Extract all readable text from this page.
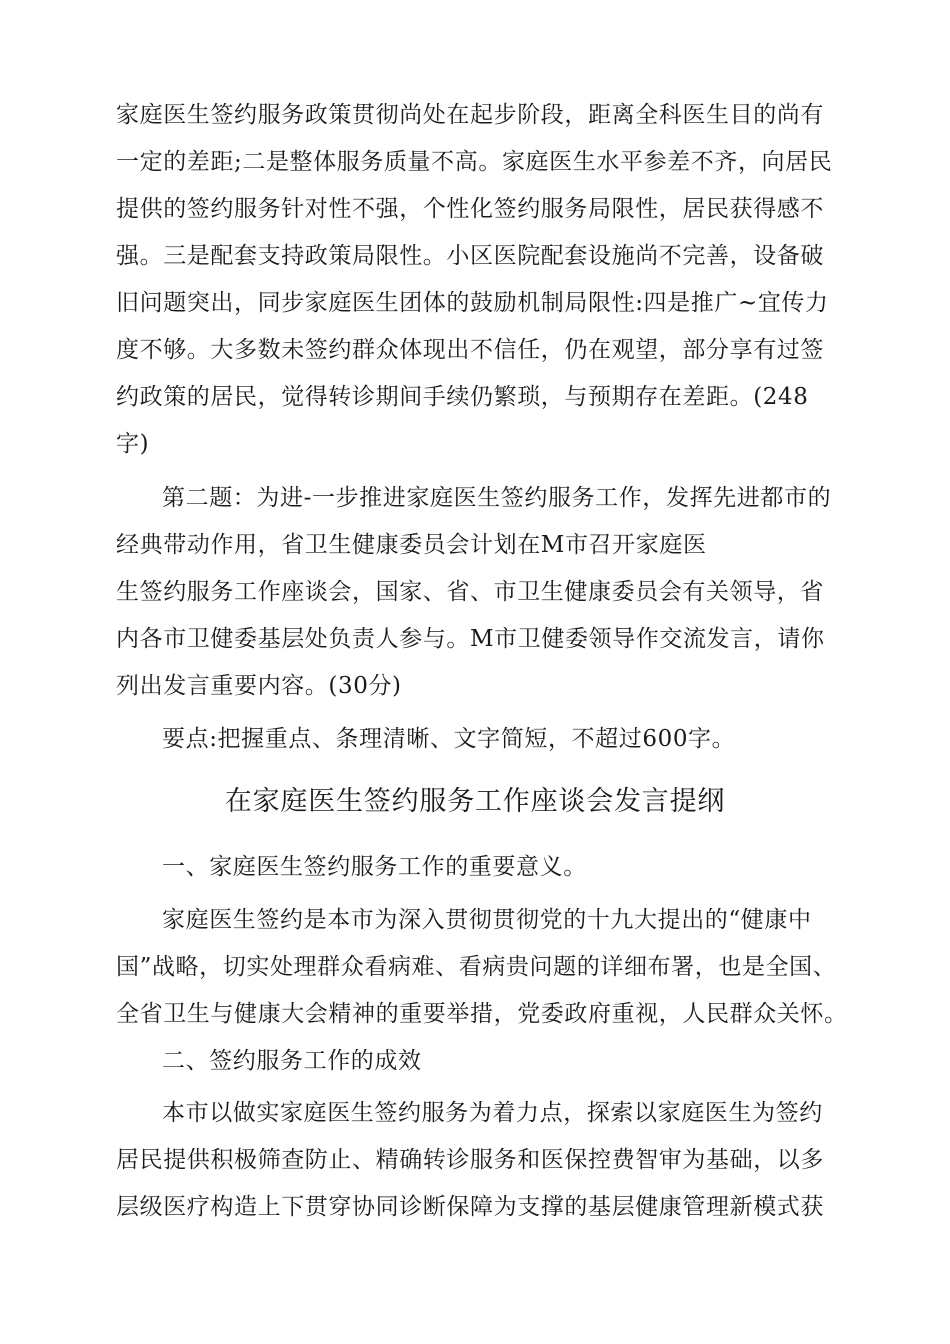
家庭医生签约服务政策贯彻尚处在起步阶段，距离全科医生目的尚有
一定的差距;二是整体服务质量不高。家庭医生水平参差不齐，向居民
提供的签约服务针对性不强，个性化签约服务局限性，居民获得感不
强。三是配套支持政策局限性。小区医院配套设施尚不完善，设备破
旧问题突出，同步家庭医生团体的鼓励机制局限性:四是推广~宜传力
度不够。大多数未签约群众体现出不信任，仍在观望，部分享有过签
约政策的居民，觉得转诊期间手续仍繁琐，与预期存在差距。(248
字)
第二题：为进-一步推进家庭医生签约服务工作，发挥先进都市的
经典带动作用，省卫生健康委员会计划在M市召开家庭医
生签约服务工作座谈会，国家、省、市卫生健康委员会有关领导，省
内各市卫健委基层处负责人参与。M市卫健委领导作交流发言，请你
列出发言重要内容。(30分)
要点:把握重点、条理清晰、文字简短，不超过600字。
在家庭医生签约服务工作座谈会发言提纲
一、家庭医生签约服务工作的重要意义。
家庭医生签约是本市为深入贯彻贯彻党的十九大提出的“健康中
国”战略，切实处理群众看病难、看病贵问题的详细布署，也是全国、
全省卫生与健康大会精神的重要举措，党委政府重视，人民群众关怀。
二、签约服务工作的成效
本市以做实家庭医生签约服务为着力点，探索以家庭医生为签约
居民提供积极筛查防止、精确转诊服务和医保控费智审为基础，以多
层级医疗构造上下贯穿协同诊断保障为支撑的基层健康管理新模式获
